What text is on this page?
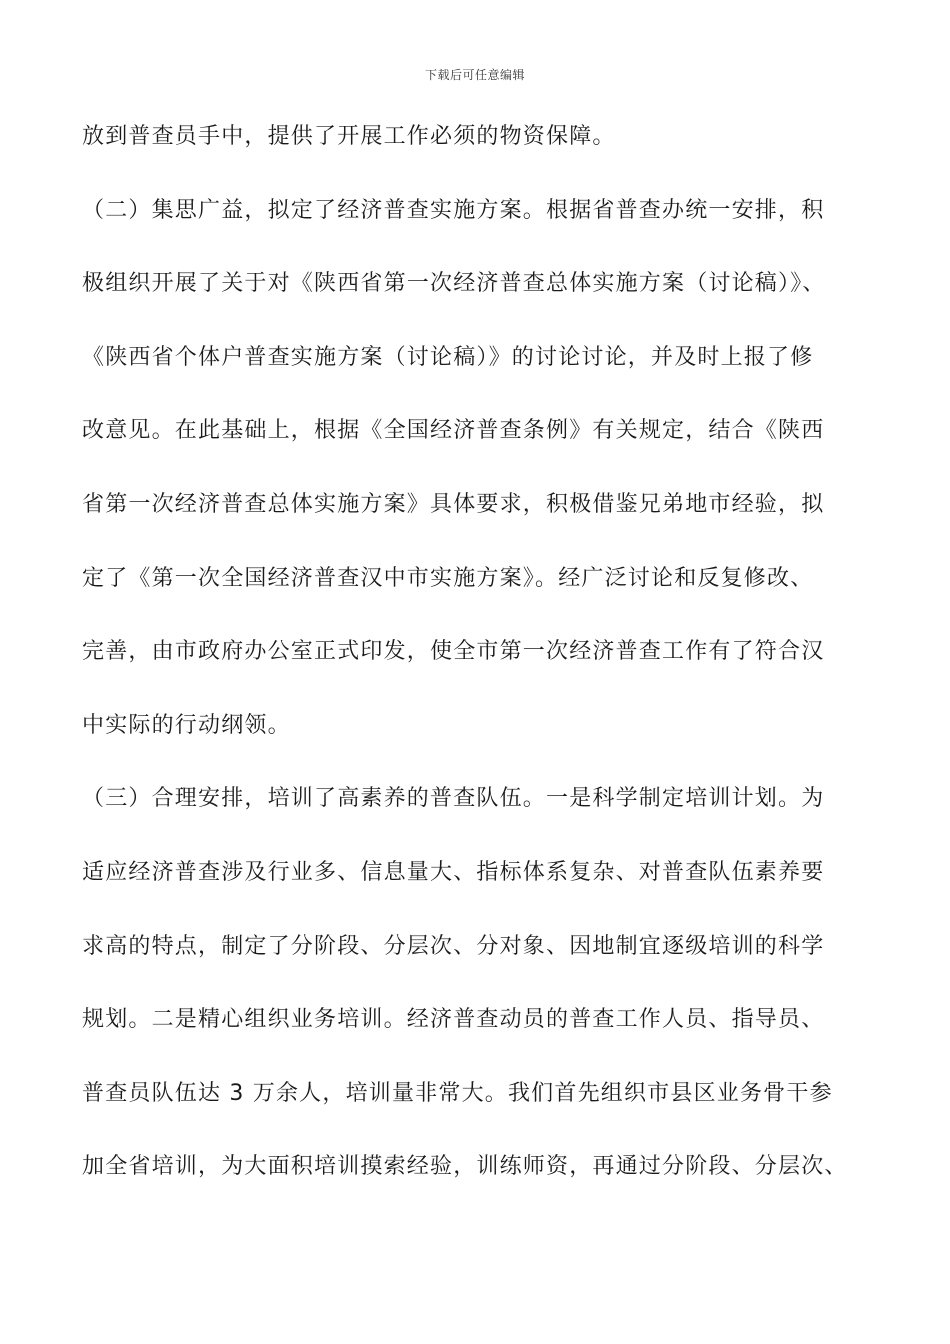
下载后可任意编辑
放到普查员手中，提供了开展工作必须的物资保障。
（二）集思广益，拟定了经济普查实施方案。根据省普查办统一安排，积
极组织开展了关于对《陕西省第一次经济普查总体实施方案（讨论稿）》、
《陕西省个体户普查实施方案（讨论稿）》的讨论讨论，并及时上报了修
改意见。在此基础上，根据《全国经济普查条例》有关规定，结合《陕西
省第一次经济普查总体实施方案》具体要求，积极借鉴兄弟地市经验，拟
定了《第一次全国经济普查汉中市实施方案》。经广泛讨论和反复修改、
完善，由市政府办公室正式印发，使全市第一次经济普查工作有了符合汉
中实际的行动纲领。
（三）合理安排，培训了高素养的普查队伍。一是科学制定培训计划。为
适应经济普查涉及行业多、信息量大、指标体系复杂、对普查队伍素养要
求高的特点，制定了分阶段、分层次、分对象、因地制宜逐级培训的科学
规划。二是精心组织业务培训。经济普查动员的普查工作人员、指导员、
普查员队伍达 3 万余人，培训量非常大。我们首先组织市县区业务骨干参
加全省培训，为大面积培训摸索经验，训练师资，再通过分阶段、分层次、
